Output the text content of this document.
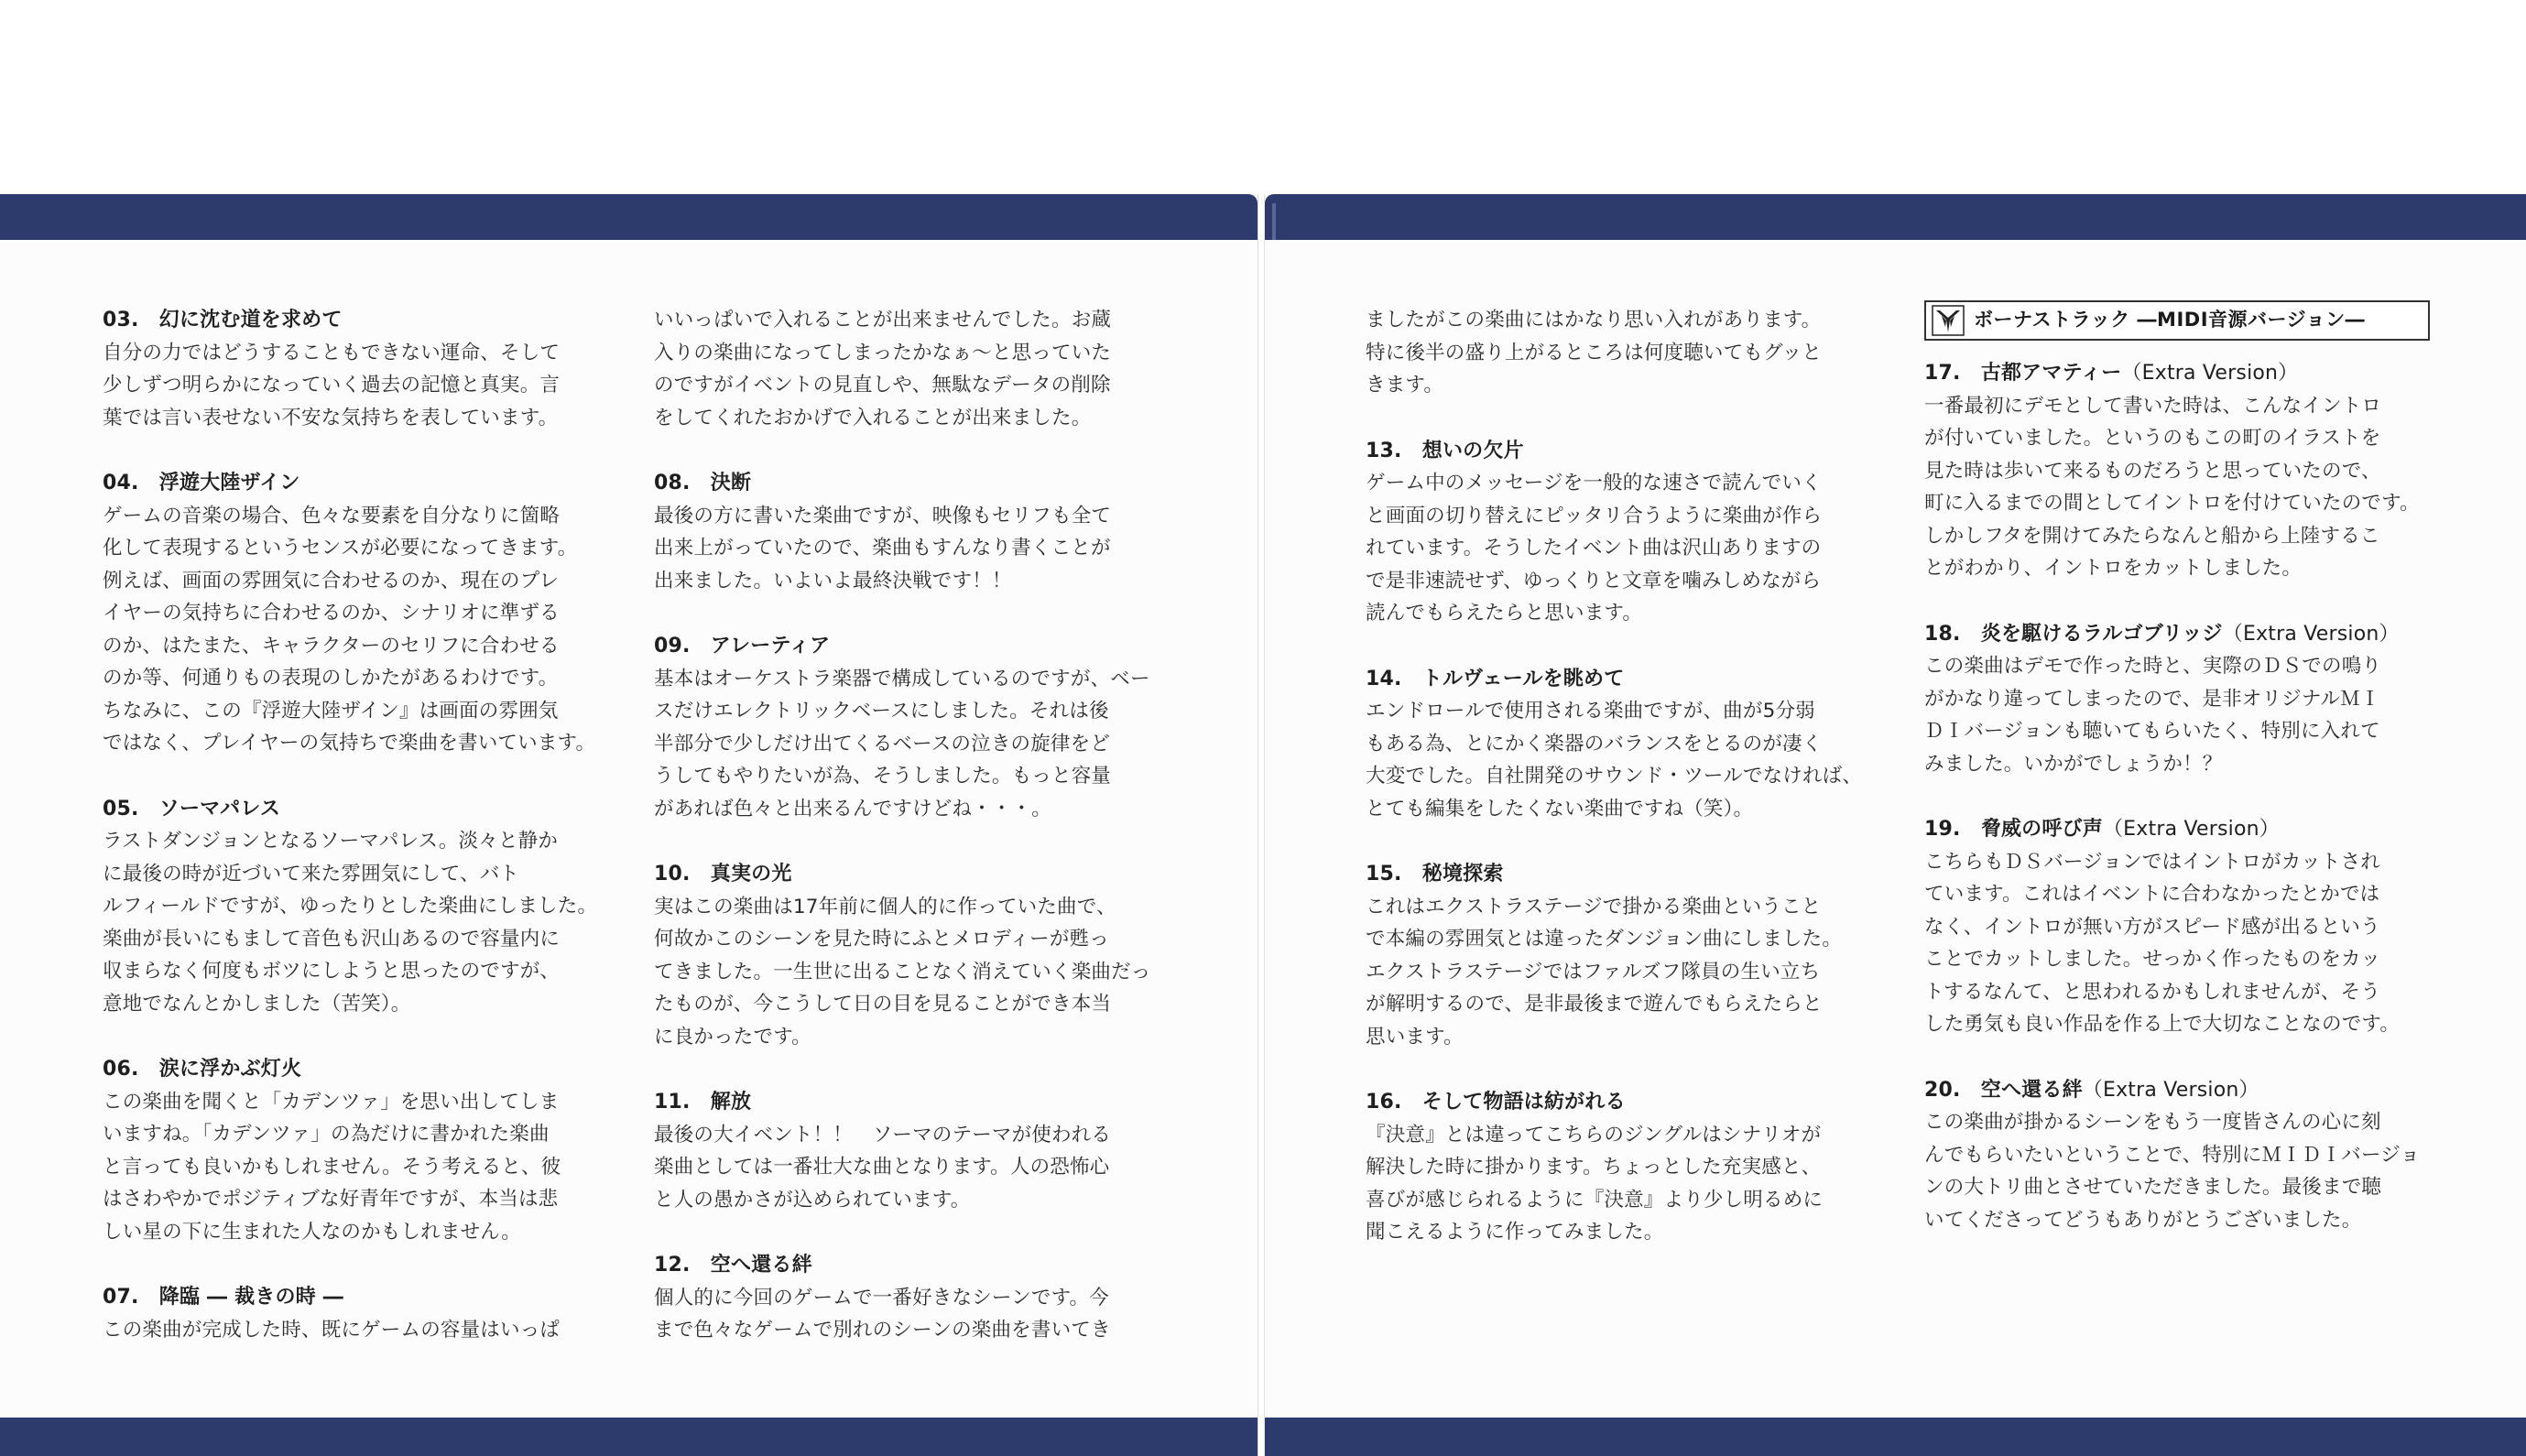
03.　幻に沈む道を求めて
自分の力ではどうすることもできない運命、そして
少しずつ明らかになっていく過去の記憶と真実。言
葉では言い表せない不安な気持ちを表しています。
04.　浮遊大陸ザイン
ゲームの音楽の場合、色々な要素を自分なりに箇略
化して表現するというセンスが必要になってきます。
例えば、画面の雰囲気に合わせるのか、現在のプレ
イヤーの気持ちに合わせるのか、シナリオに準ずる
のか、はたまた、キャラクターのセリフに合わせる
のか等、何通りもの表現のしかたがあるわけです。
ちなみに、この『浮遊大陸ザイン』は画面の雰囲気
ではなく、プレイヤーの気持ちで楽曲を書いています。
05.　ソーマパレス
ラストダンジョンとなるソーマパレス。淡々と静か
に最後の時が近づいて来た雰囲気にして、バト
ルフィールドですが、ゆったりとした楽曲にしました。
楽曲が長いにもまして音色も沢山あるので容量内に
収まらなく何度もボツにしようと思ったのですが、
意地でなんとかしました（苦笑）。
06.　涙に浮かぶ灯火
この楽曲を聞くと「カデンツァ」を思い出してしま
いますね。「カデンツァ」の為だけに書かれた楽曲
と言っても良いかもしれません。そう考えると、彼
はさわやかでポジティブな好青年ですが、本当は悲
しい星の下に生まれた人なのかもしれません。
07.　降臨 ― 裁きの時 ―
この楽曲が完成した時、既にゲームの容量はいっぱ
いいっぱいで入れることが出来ませんでした。お蔵
入りの楽曲になってしまったかなぁ～と思っていた
のですがイベントの見直しや、無駄なデータの削除
をしてくれたおかげで入れることが出来ました。
08.　決断
最後の方に書いた楽曲ですが、映像もセリフも全て
出来上がっていたので、楽曲もすんなり書くことが
出来ました。いよいよ最終決戦です！！
09.　アレーティア
基本はオーケストラ楽器で構成しているのですが、ベー
スだけエレクトリックベースにしました。それは後
半部分で少しだけ出てくるベースの泣きの旋律をど
うしてもやりたいが為、そうしました。もっと容量
があれば色々と出来るんですけどね・・・。
10.　真実の光
実はこの楽曲は17年前に個人的に作っていた曲で、
何故かこのシーンを見た時にふとメロディーが甦っ
てきました。一生世に出ることなく消えていく楽曲だっ
たものが、今こうして日の目を見ることができ本当
に良かったです。
11.　解放
最後の大イベント！！　ソーマのテーマが使われる
楽曲としては一番壮大な曲となります。人の恐怖心
と人の愚かさが込められています。
12.　空へ還る絆
個人的に今回のゲームで一番好きなシーンです。今
まで色々なゲームで別れのシーンの楽曲を書いてき
ましたがこの楽曲にはかなり思い入れがあります。
特に後半の盛り上がるところは何度聴いてもグッと
きます。
13.　想いの欠片
ゲーム中のメッセージを一般的な速さで読んでいく
と画面の切り替えにピッタリ合うように楽曲が作ら
れています。そうしたイベント曲は沢山ありますの
で是非速読せず、ゆっくりと文章を噛みしめながら
読んでもらえたらと思います。
14.　トルヴェールを眺めて
エンドロールで使用される楽曲ですが、曲が5分弱
もある為、とにかく楽器のバランスをとるのが凄く
大変でした。自社開発のサウンド・ツールでなければ、
とても編集をしたくない楽曲ですね（笑）。
15.　秘境探索
これはエクストラステージで掛かる楽曲ということ
で本編の雰囲気とは違ったダンジョン曲にしました。
エクストラステージではファルズフ隊員の生い立ち
が解明するので、是非最後まで遊んでもらえたらと
思います。
16.　そして物語は紡がれる
『決意』とは違ってこちらのジングルはシナリオが
解決した時に掛かります。ちょっとした充実感と、
喜びが感じられるように『決意』より少し明るめに
聞こえるように作ってみました。
ボーナストラック ―MIDI音源バージョン―
17.　古都アマティー（Extra Version）
一番最初にデモとして書いた時は、こんなイントロ
が付いていました。というのもこの町のイラストを
見た時は歩いて来るものだろうと思っていたので、
町に入るまでの間としてイントロを付けていたのです。
しかしフタを開けてみたらなんと船から上陸するこ
とがわかり、イントロをカットしました。
18.　炎を駆けるラルゴブリッジ（Extra Version）
この楽曲はデモで作った時と、実際のＤＳでの鳴り
がかなり違ってしまったので、是非オリジナルＭＩ
ＤＩバージョンも聴いてもらいたく、特別に入れて
みました。いかがでしょうか！？
19.　脅威の呼び声（Extra Version）
こちらもＤＳバージョンではイントロがカットされ
ています。これはイベントに合わなかったとかでは
なく、イントロが無い方がスピード感が出るという
ことでカットしました。せっかく作ったものをカッ
トするなんて、と思われるかもしれませんが、そう
した勇気も良い作品を作る上で大切なことなのです。
20.　空へ還る絆（Extra Version）
この楽曲が掛かるシーンをもう一度皆さんの心に刻
んでもらいたいということで、特別にＭＩＤＩバージョ
ンの大トリ曲とさせていただきました。最後まで聴
いてくださってどうもありがとうございました。
